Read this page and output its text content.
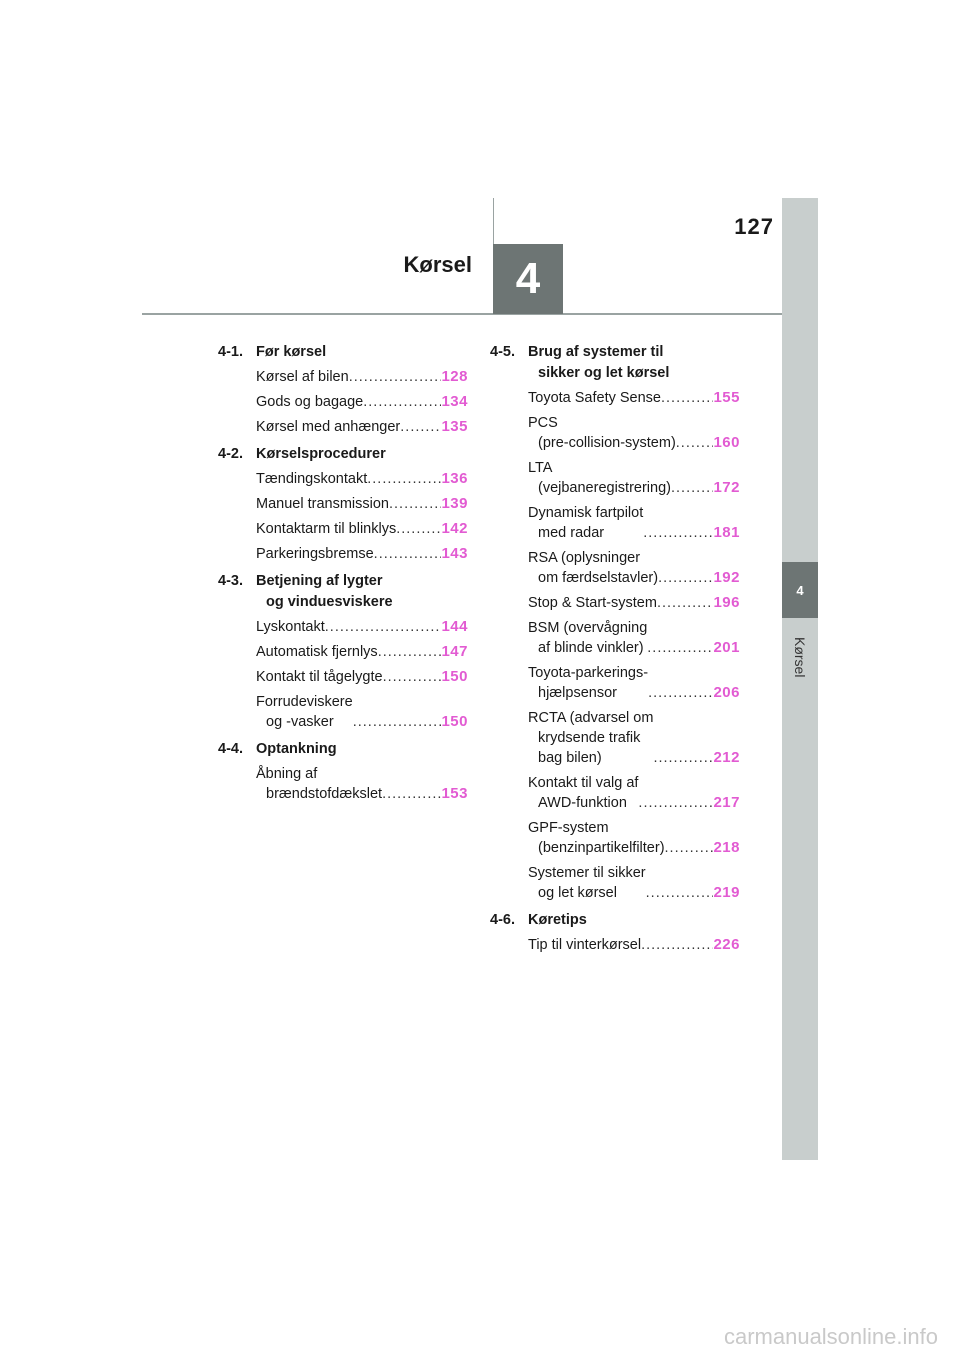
127
Kørsel 4
4
Kørsel
4-1. Før kørsel
Kørsel af bilen .....	128
Gods og bagage .....	134
Kørsel med anhænger .....	135
4-2. Kørselsprocedurer
Tændingskontakt .....	136
Manuel transmission .....	139
Kontaktarm til blinklys .....	142
Parkeringsbremse .....	143
4-3. Betjening af lygter
og vinduesviskere
Lyskontakt .....	144
Automatisk fjernlys .....	147
Kontakt til tågelygte .....	150
Forrudeviskere
og -vasker .....	150
4-4. Optankning
Åbning af
brændstofdækslet .....	153
4-5. Brug af systemer til
sikker og let kørsel
Toyota Safety Sense .....	155
PCS
(pre-collision-system) .....	160
LTA
(vejbaneregistrering) .....	172
Dynamisk fartpilot
med radar .....	181
RSA (oplysninger
om færdselstavler) .....	192
Stop & Start-system .....	196
BSM (overvågning
af blinde vinkler) .....	201
Toyota-parkerings-
hjælpsensor .....	206
RCTA (advarsel om
krydsende trafik
bag bilen) .....	212
Kontakt til valg af
AWD-funktion .....	217
GPF-system
(benzinpartikelfilter) .....	218
Systemer til sikker
og let kørsel .....	219
4-6. Køretips
Tip til vinterkørsel .....	226
carmanualsonline.info
